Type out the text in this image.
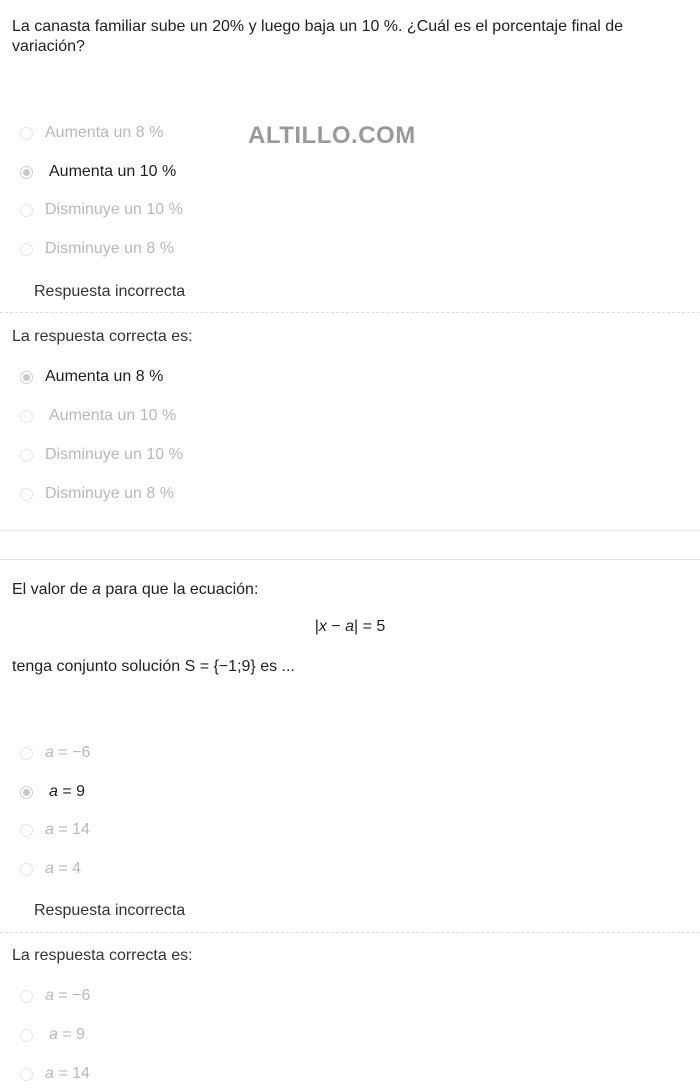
ALTILLO.COM
La canasta familiar sube un 20% y luego baja un 10 %. ¿Cuál es el porcentaje final de variación?
Aumenta un 8 %
Aumenta un 10 %
Disminuye un 10 %
Disminuye un 8 %
Respuesta incorrecta
La respuesta correcta es:
Aumenta un 8 %
Aumenta un 10 %
Disminuye un 10 %
Disminuye un 8 %
El valor de a para que la ecuación:
|x − a| = 5
tenga conjunto solución S = {−1;9} es ...
a = −6
a = 9
a = 14
a = 4
Respuesta incorrecta
La respuesta correcta es:
a = −6
a = 9
a = 14
